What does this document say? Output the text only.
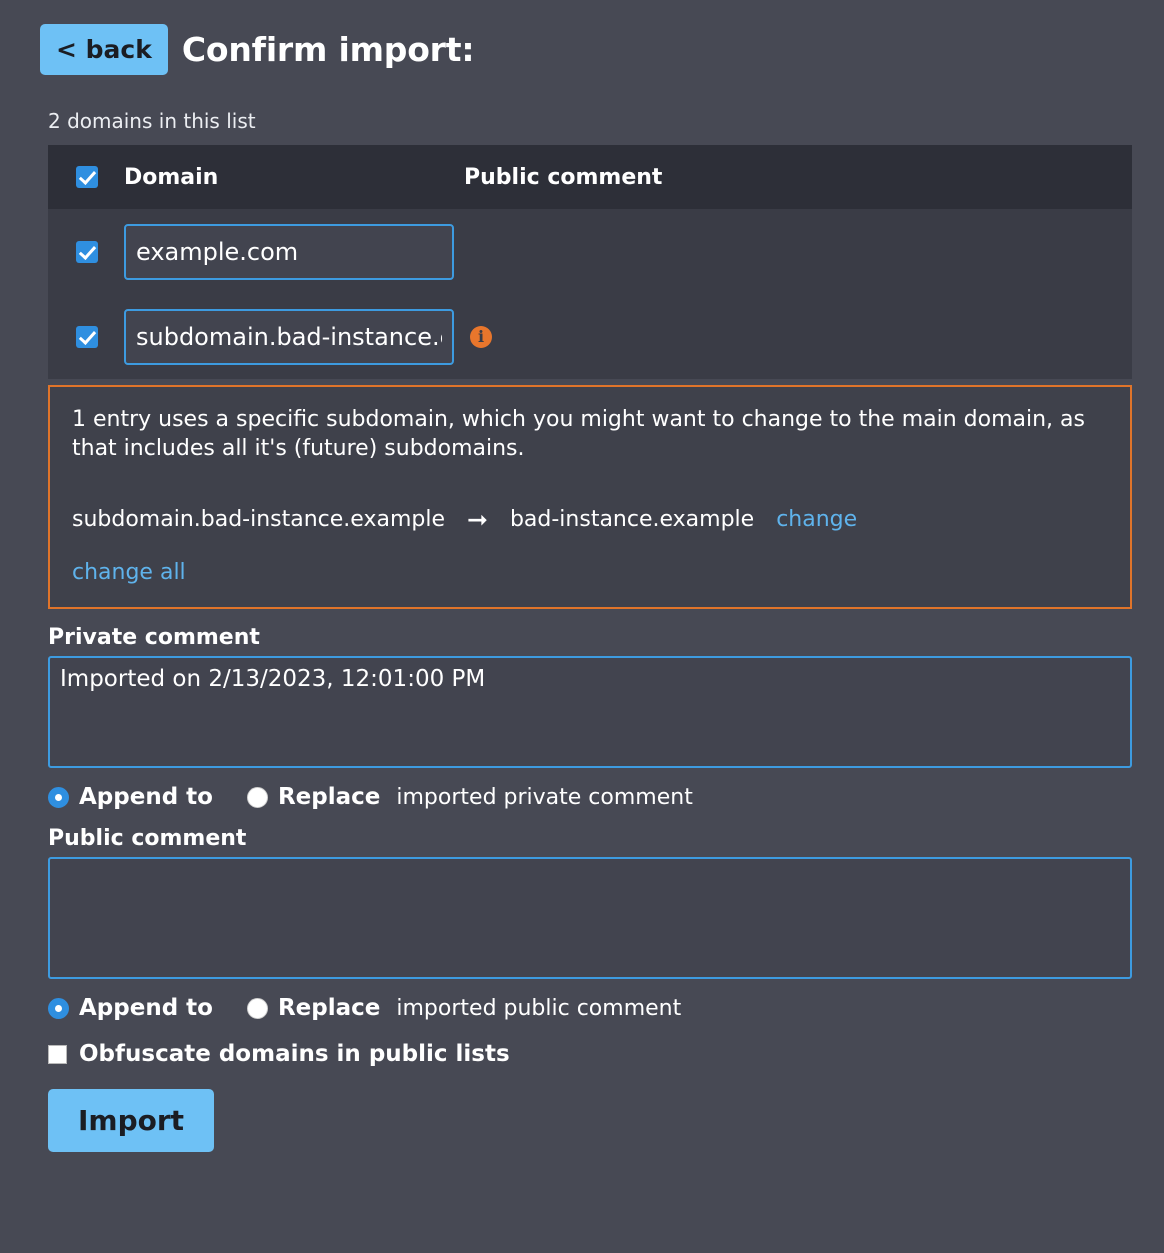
< back Confirm import:
2 domains in this list
Domain	Public comment
example.com
subdomain.bad-instance.ex
i

1 entry uses a specific subdomain, which you might want to change to the main domain, as that includes all it's (future) subdomains.

subdomain.bad-instance.example ➞ bad-instance.example change
change all
Private comment
Imported on 2/13/2023, 12:01:00 PM
Append to	Replace imported private comment
Public comment
Append to	Replace imported public comment
Obfuscate domains in public lists
Import
